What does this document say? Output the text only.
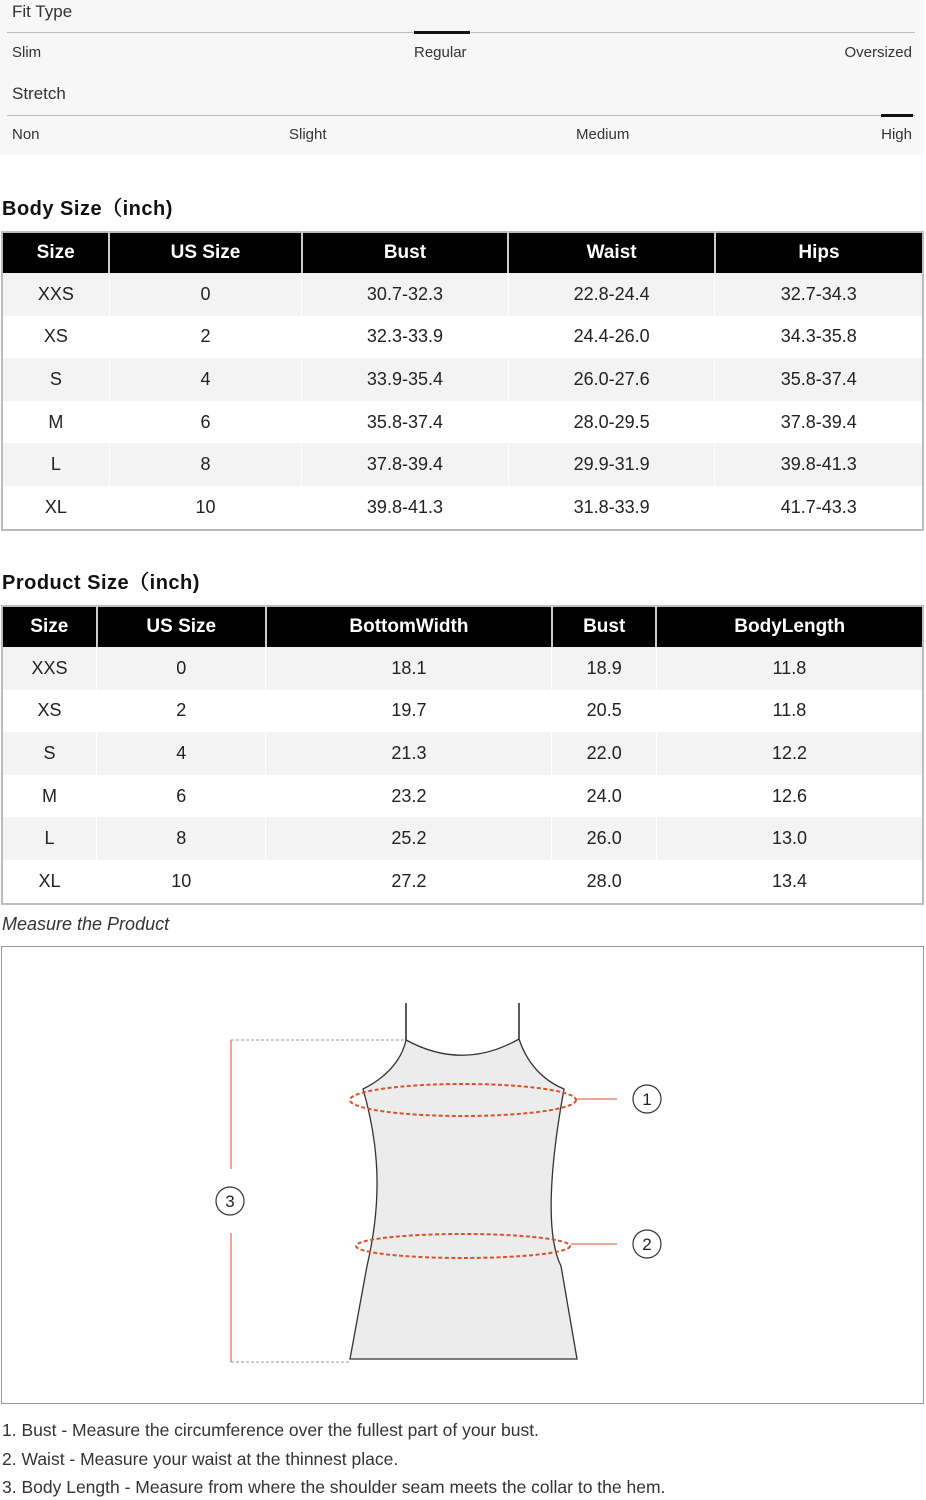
Fit Type
Slim	Regular	Oversized
Stretch
Non	Slight	Medium	High
Body Size（inch)
Size	US Size	Bust	Waist	Hips
XXS	0	30.7-32.3	22.8-24.4	32.7-34.3
XS	2	32.3-33.9	24.4-26.0	34.3-35.8
S	4	33.9-35.4	26.0-27.6	35.8-37.4
M	6	35.8-37.4	28.0-29.5	37.8-39.4
L	8	37.8-39.4	29.9-31.9	39.8-41.3
XL	10	39.8-41.3	31.8-33.9	41.7-43.3
Product Size（inch)
Size	US Size	BottomWidth	Bust	BodyLength
XXS	0	18.1	18.9	11.8
XS	2	19.7	20.5	11.8
S	4	21.3	22.0	12.2
M	6	23.2	24.0	12.6
L	8	25.2	26.0	13.0
XL	10	27.2	28.0	13.4
Measure the Product
1
2
3
1. Bust - Measure the circumference over the fullest part of your bust.
2. Waist - Measure your waist at the thinnest place.
3. Body Length - Measure from where the shoulder seam meets the collar to the hem.
